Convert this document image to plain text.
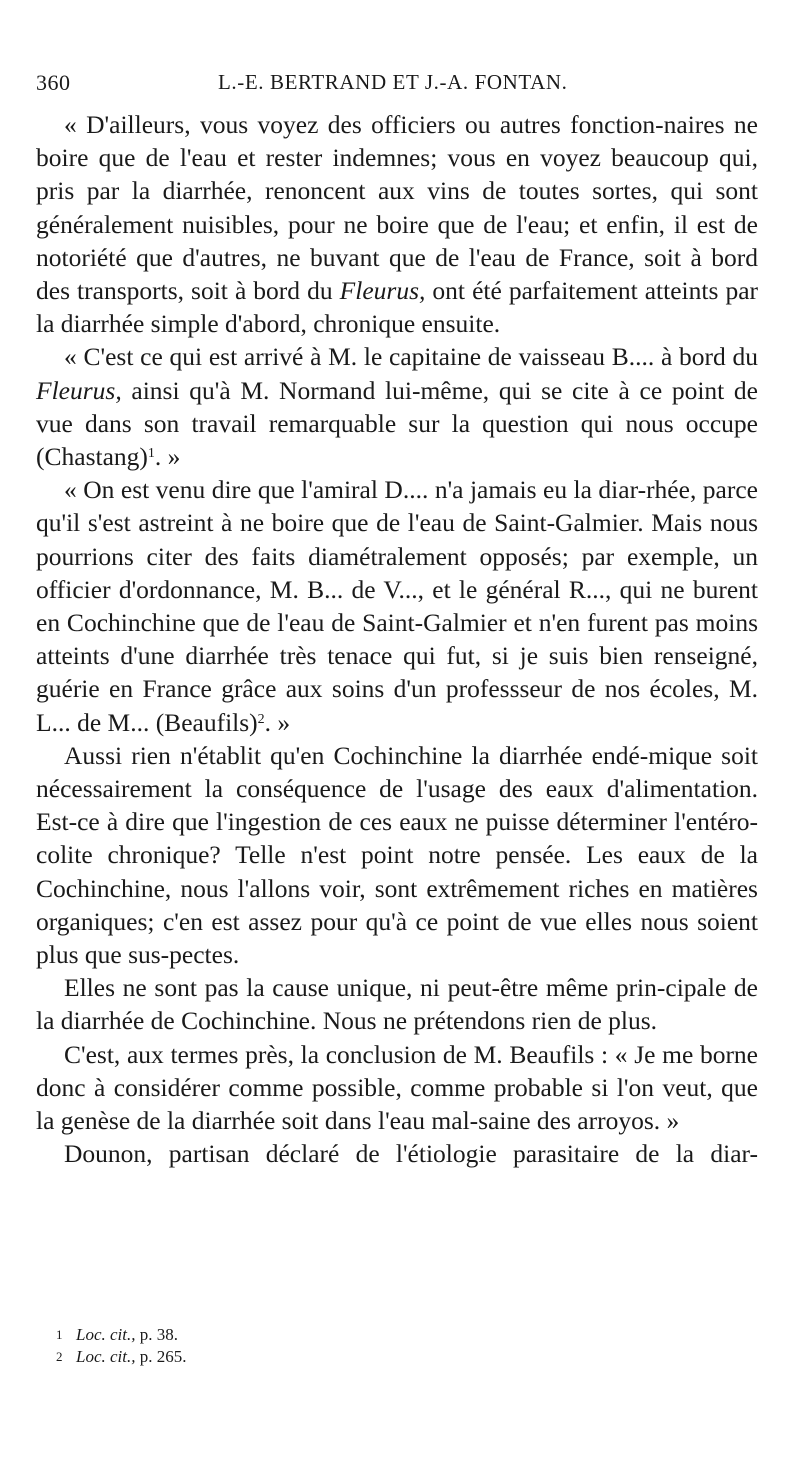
360	L.-E. BERTRAND ET J.-A. FONTAN.

« D'ailleurs, vous voyez des officiers ou autres fonction-naires ne boire que de l'eau et rester indemnes; vous en voyez beaucoup qui, pris par la diarrhée, renoncent aux vins de toutes sortes, qui sont généralement nuisibles, pour ne boire que de l'eau; et enfin, il est de notoriété que d'autres, ne buvant que de l'eau de France, soit à bord des transports, soit à bord du Fleurus, ont été parfaitement atteints par la diarrhée simple d'abord, chronique ensuite.

« C'est ce qui est arrivé à M. le capitaine de vaisseau B.... à bord du Fleurus, ainsi qu'à M. Normand lui-même, qui se cite à ce point de vue dans son travail remarquable sur la question qui nous occupe (Chastang)$^1$. »

« On est venu dire que l'amiral D.... n'a jamais eu la diar-rhée, parce qu'il s'est astreint à ne boire que de l'eau de Saint-Galmier. Mais nous pourrions citer des faits diamétralement opposés; par exemple, un officier d'ordonnance, M. B... de V..., et le général R..., qui ne burent en Cochinchine que de l'eau de Saint-Galmier et n'en furent pas moins atteints d'une diarrhée très tenace qui fut, si je suis bien renseigné, guérie en France grâce aux soins d'un professseur de nos écoles, M. L... de M... (Beaufils)$^2$. »

Aussi rien n'établit qu'en Cochinchine la diarrhée endé-mique soit nécessairement la conséquence de l'usage des eaux d'alimentation. Est-ce à dire que l'ingestion de ces eaux ne puisse déterminer l'entéro-colite chronique? Telle n'est point notre pensée. Les eaux de la Cochinchine, nous l'allons voir, sont extrêmement riches en matières organiques; c'en est assez pour qu'à ce point de vue elles nous soient plus que sus-pectes.

Elles ne sont pas la cause unique, ni peut-être même prin-cipale de la diarrhée de Cochinchine. Nous ne prétendons rien de plus.

C'est, aux termes près, la conclusion de M. Beaufils : « Je me borne donc à considérer comme possible, comme probable si l'on veut, que la genèse de la diarrhée soit dans l'eau mal-saine des arroyos. »

Dounon, partisan déclaré de l'étiologie parasitaire de la diar-

1 Loc. cit., p. 38.
2 Loc. cit., p. 265.
